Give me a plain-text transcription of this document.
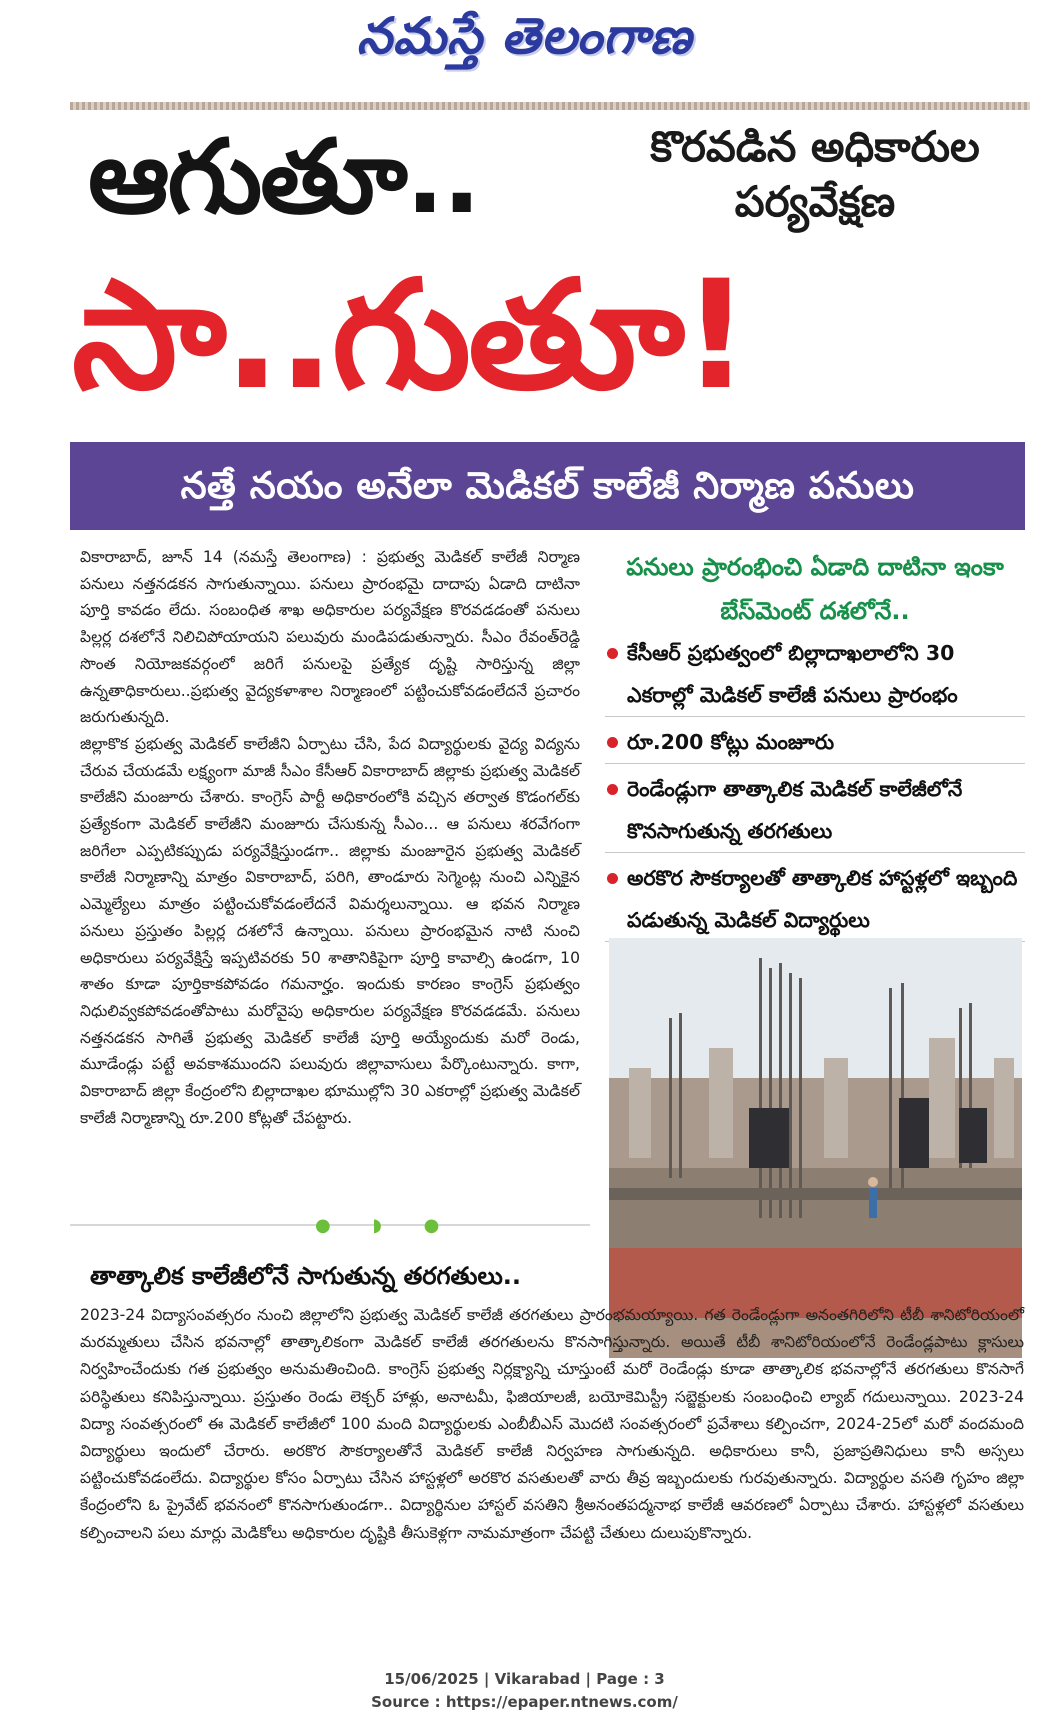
నమస్తే తెలంగాణ
ఆగుతూ..	కొరవడిన అధికారుల పర్యవేక్షణ
సా..గుతూ!
నత్తే నయం అనేలా మెడికల్ కాలేజీ నిర్మాణ పనులు

వికారాబాద్, జూన్ 14 (నమస్తే తెలంగాణ) : ప్రభుత్వ మెడికల్ కాలేజీ నిర్మాణ పనులు నత్తనడకన సాగుతున్నాయి. పనులు ప్రారంభమై దాదాపు ఏడాది దాటినా పూర్తి కావడం లేదు. సంబంధిత శాఖ అధికారుల పర్యవేక్షణ కొరవడడంతో పనులు పిల్లర్ల దశలోనే నిలిచిపోయాయని పలువురు మండిపడుతున్నారు. సీఎం రేవంత్‌రెడ్డి సొంత నియోజకవర్గంలో జరిగే పనులపై ప్రత్యేక దృష్టి సారిస్తున్న జిల్లా ఉన్నతాధికారులు..ప్రభుత్వ వైద్యకళాశాల నిర్మాణంలో పట్టించుకోవడంలేదనే ప్రచారం జరుగుతున్నది.

జిల్లాకొక ప్రభుత్వ మెడికల్ కాలేజీని ఏర్పాటు చేసి, పేద విద్యార్థులకు వైద్య విద్యను చేరువ చేయడమే లక్ష్యంగా మాజీ సీఎం కేసీఆర్ వికారాబాద్ జిల్లాకు ప్రభుత్వ మెడికల్ కాలేజీని మంజూరు చేశారు. కాంగ్రెస్ పార్టీ అధికారంలోకి వచ్చిన తర్వాత కొడంగల్‌కు ప్రత్యేకంగా మెడికల్ కాలేజీని మంజూరు చేసుకున్న సీఎం... ఆ పనులు శరవేగంగా జరిగేలా ఎప్పటికప్పుడు పర్యవేక్షిస్తుండగా.. జిల్లాకు మంజూరైన ప్రభుత్వ మెడికల్ కాలేజీ నిర్మాణాన్ని మాత్రం వికారాబాద్, పరిగి, తాండూరు సెగ్మెంట్ల నుంచి ఎన్నికైన ఎమ్మెల్యేలు మాత్రం పట్టించుకోవడంలేదనే విమర్శలున్నాయి. ఆ భవన నిర్మాణ పనులు ప్రస్తుతం పిల్లర్ల దశలోనే ఉన్నాయి. పనులు ప్రారంభమైన నాటి నుంచి అధికారులు పర్యవేక్షిస్తే ఇప్పటివరకు 50 శాతానికిపైగా పూర్తి కావాల్సి ఉండగా, 10 శాతం కూడా పూర్తికాకపోవడం గమనార్హం. ఇందుకు కారణం కాంగ్రెస్ ప్రభుత్వం నిధులివ్వకపోవడంతోపాటు మరోవైపు అధికారుల పర్యవేక్షణ కొరవడడమే. పనులు నత్తనడకన సాగితే ప్రభుత్వ మెడికల్ కాలేజీ పూర్తి అయ్యేందుకు మరో రెండు, మూడేండ్లు పట్టే అవకాశముందని పలువురు జిల్లావాసులు పేర్కొంటున్నారు. కాగా, వికారాబాద్ జిల్లా కేంద్రంలోని బిల్లాదాఖల భూముల్లోని 30 ఎకరాల్లో ప్రభుత్వ మెడికల్ కాలేజీ నిర్మాణాన్ని రూ.200 కోట్లతో చేపట్టారు.

పనులు ప్రారంభించి ఏడాది దాటినా ఇంకా బేస్‌మెంట్ దశలోనే..
కేసీఆర్ ప్రభుత్వంలో బిల్లాదాఖలాలోని 30 ఎకరాల్లో మెడికల్ కాలేజీ పనులు ప్రారంభం
రూ.200 కోట్లు మంజూరు
రెండేండ్లుగా తాత్కాలిక మెడికల్ కాలేజీలోనే కొనసాగుతున్న తరగతులు
అరకొర సౌకర్యాలతో తాత్కాలిక హాస్టళ్లలో ఇబ్బంది పడుతున్న మెడికల్ విద్యార్థులు
● ◗ ●
తాత్కాలిక కాలేజీలోనే సాగుతున్న తరగతులు..

2023-24 విద్యాసంవత్సరం నుంచి జిల్లాలోని ప్రభుత్వ మెడికల్ కాలేజీ తరగతులు ప్రారంభమయ్యాయి. గత రెండేండ్లుగా అనంతగిరిలోని టీబీ శానిటోరియంలో మరమ్మతులు చేసిన భవనాల్లో తాత్కాలికంగా మెడికల్ కాలేజీ తరగతులను కొనసాగిస్తున్నారు. అయితే టీబీ శానిటోరియంలోనే రెండేండ్లపాటు క్లాసులు నిర్వహించేందుకు గత ప్రభుత్వం అనుమతించింది. కాంగ్రెస్ ప్రభుత్వ నిర్లక్ష్యాన్ని చూస్తుంటే మరో రెండేండ్లు కూడా తాత్కాలిక భవనాల్లోనే తరగతులు కొనసాగే పరిస్థితులు కనిపిస్తున్నాయి. ప్రస్తుతం రెండు లెక్చర్ హాళ్లు, అనాటమీ, ఫిజియాలజీ, బయోకెమిస్ట్రీ సబ్జెక్టులకు సంబంధించి ల్యాబ్ గదులున్నాయి. 2023-24 విద్యా సంవత్సరంలో ఈ మెడికల్ కాలేజీలో 100 మంది విద్యార్థులకు ఎంబీబీఎస్ మొదటి సంవత్సరంలో ప్రవేశాలు కల్పించగా, 2024-25లో మరో వందమంది విద్యార్థులు ఇందులో చేరారు. అరకొర సౌకర్యాలతోనే మెడికల్ కాలేజీ నిర్వహణ సాగుతున్నది. అధికారులు కానీ, ప్రజాప్రతినిధులు కానీ అస్సలు పట్టించుకోవడంలేదు. విద్యార్థుల కోసం ఏర్పాటు చేసిన హాస్టళ్లలో అరకొర వసతులతో వారు తీవ్ర ఇబ్బందులకు గురవుతున్నారు. విద్యార్థుల వసతి గృహం జిల్లా కేంద్రంలోని ఓ ప్రైవేట్ భవనంలో కొనసాగుతుండగా.. విద్యార్థినుల హాస్టల్ వసతిని శ్రీఅనంతపద్మనాభ కాలేజీ ఆవరణలో ఏర్పాటు చేశారు. హాస్టళ్లలో వసతులు కల్పించాలని పలు మార్లు మెడికోలు అధికారుల దృష్టికి తీసుకెళ్లగా నామమాత్రంగా చేపట్టి చేతులు దులుపుకొన్నారు.

15/06/2025 | Vikarabad | Page : 3
Source : https://epaper.ntnews.com/
